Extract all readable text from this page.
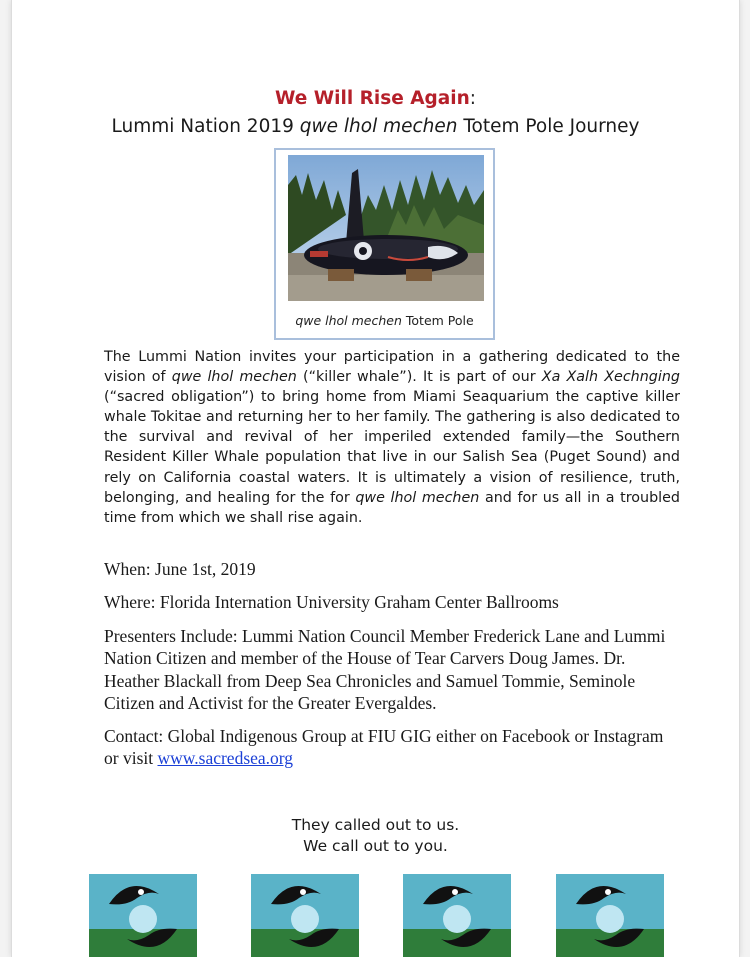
We Will Rise Again:
Lummi Nation 2019 qwe lhol mechen Totem Pole Journey
qwe lhol mechen Totem Pole
The Lummi Nation invites your participation in a gathering dedicated to the vision of qwe lhol mechen (“killer whale”). It is part of our Xa Xalh Xechnging (“sacred obligation”) to bring home from Miami Seaquarium the captive killer whale Tokitae and returning her to her family. The gathering is also dedicated to the survival and revival of her imperiled extended family—the Southern Resident Killer Whale population that live in our Salish Sea (Puget Sound) and rely on California coastal waters. It is ultimately a vision of resilience, truth, belonging, and healing for the for qwe lhol mechen and for us all in a troubled time from which we shall rise again.
When: June 1st, 2019
Where: Florida Internation University Graham Center Ballrooms
Presenters Include: Lummi Nation Council Member Frederick Lane and Lummi Nation Citizen and member of the House of Tear Carvers Doug James. Dr. Heather Blackall from Deep Sea Chronicles and Samuel Tommie, Seminole Citizen and Activist for the Greater Evergaldes.
Contact: Global Indigenous Group at FIU GIG either on Facebook or Instagram
or visit www.sacredsea.org
They called out to us.
We call out to you.
